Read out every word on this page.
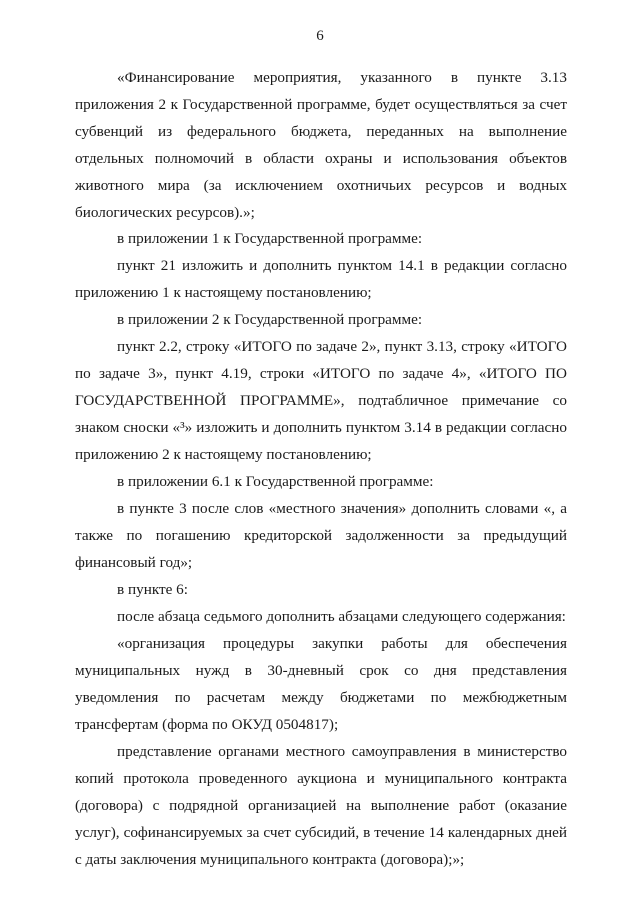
6

«Финансирование мероприятия, указанного в пункте 3.13 приложения 2 к Государственной программе, будет осуществляться за счет субвенций из федерального бюджета, переданных на выполнение отдельных полномочий в области охраны и использования объектов животного мира (за исключением охотничьих ресурсов и водных биологических ресурсов).»;

в приложении 1 к Государственной программе:

пункт 21 изложить и дополнить пунктом 14.1 в редакции согласно приложению 1 к настоящему постановлению;

в приложении 2 к Государственной программе:

пункт 2.2, строку «ИТОГО по задаче 2», пункт 3.13, строку «ИТОГО по задаче 3», пункт 4.19, строки «ИТОГО по задаче 4», «ИТОГО ПО ГОСУДАРСТВЕННОЙ ПРОГРАММЕ», подтабличное примечание со знаком сноски «³» изложить и дополнить пунктом 3.14 в редакции согласно приложению 2 к настоящему постановлению;

в приложении 6.1 к Государственной программе:

в пункте 3 после слов «местного значения» дополнить словами «, а также по погашению кредиторской задолженности за предыдущий финансовый год»;

в пункте 6:

после абзаца седьмого дополнить абзацами следующего содержания:

«организация процедуры закупки работы для обеспечения муниципальных нужд в 30-дневный срок со дня представления уведомления по расчетам между бюджетами по межбюджетным трансфертам (форма по ОКУД 0504817);

представление органами местного самоуправления в министерство копий протокола проведенного аукциона и муниципального контракта (договора) с подрядной организацией на выполнение работ (оказание услуг), софинансируемых за счет субсидий, в течение 14 календарных дней с даты заключения муниципального контракта (договора);»;
